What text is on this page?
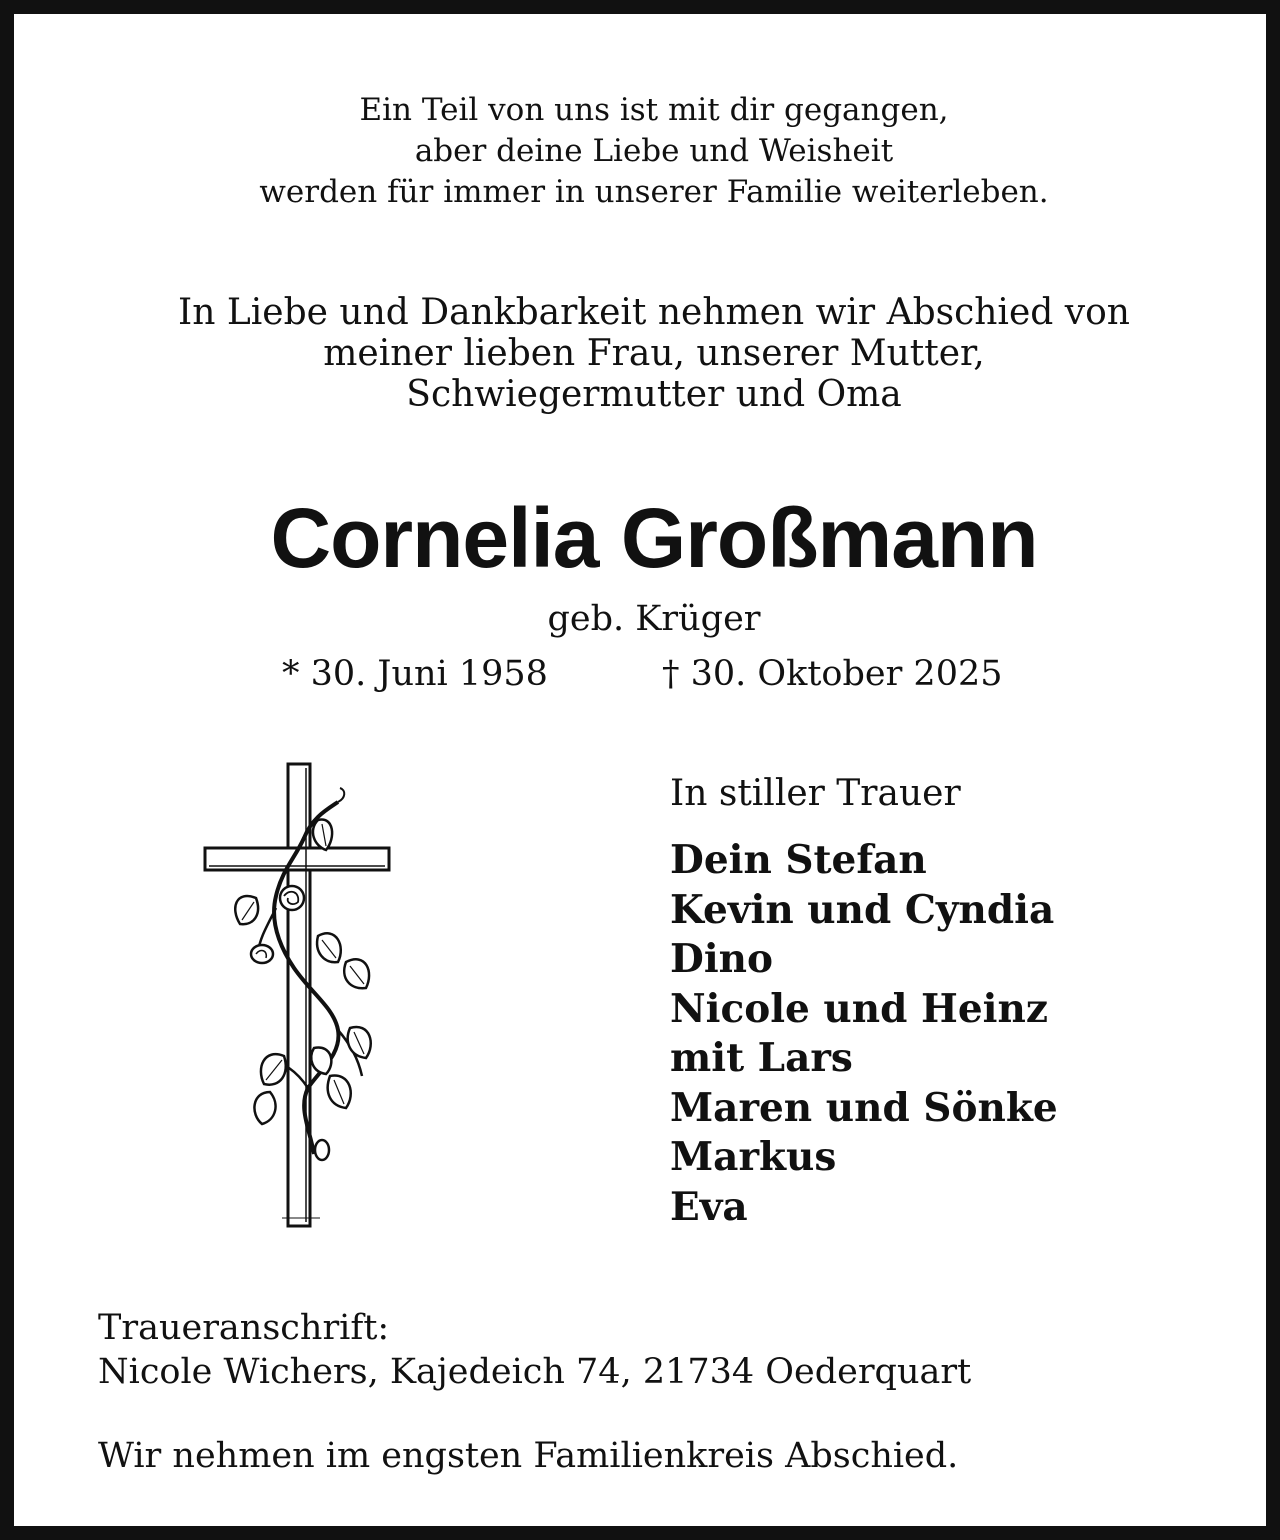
Ein Teil von uns ist mit dir gegangen,
aber deine Liebe und Weisheit
werden für immer in unserer Familie weiterleben.
In Liebe und Dankbarkeit nehmen wir Abschied von
meiner lieben Frau, unserer Mutter,
Schwiegermutter und Oma
Cornelia Großmann
geb. Krüger
* 30. Juni 1958	† 30. Oktober 2025
In stiller Trauer
Dein Stefan
Kevin und Cyndia
Dino
Nicole und Heinz
mit Lars
Maren und Sönke
Markus
Eva
Traueranschrift:
Nicole Wichers, Kajedeich 74, 21734 Oederquart
Wir nehmen im engsten Familienkreis Abschied.
